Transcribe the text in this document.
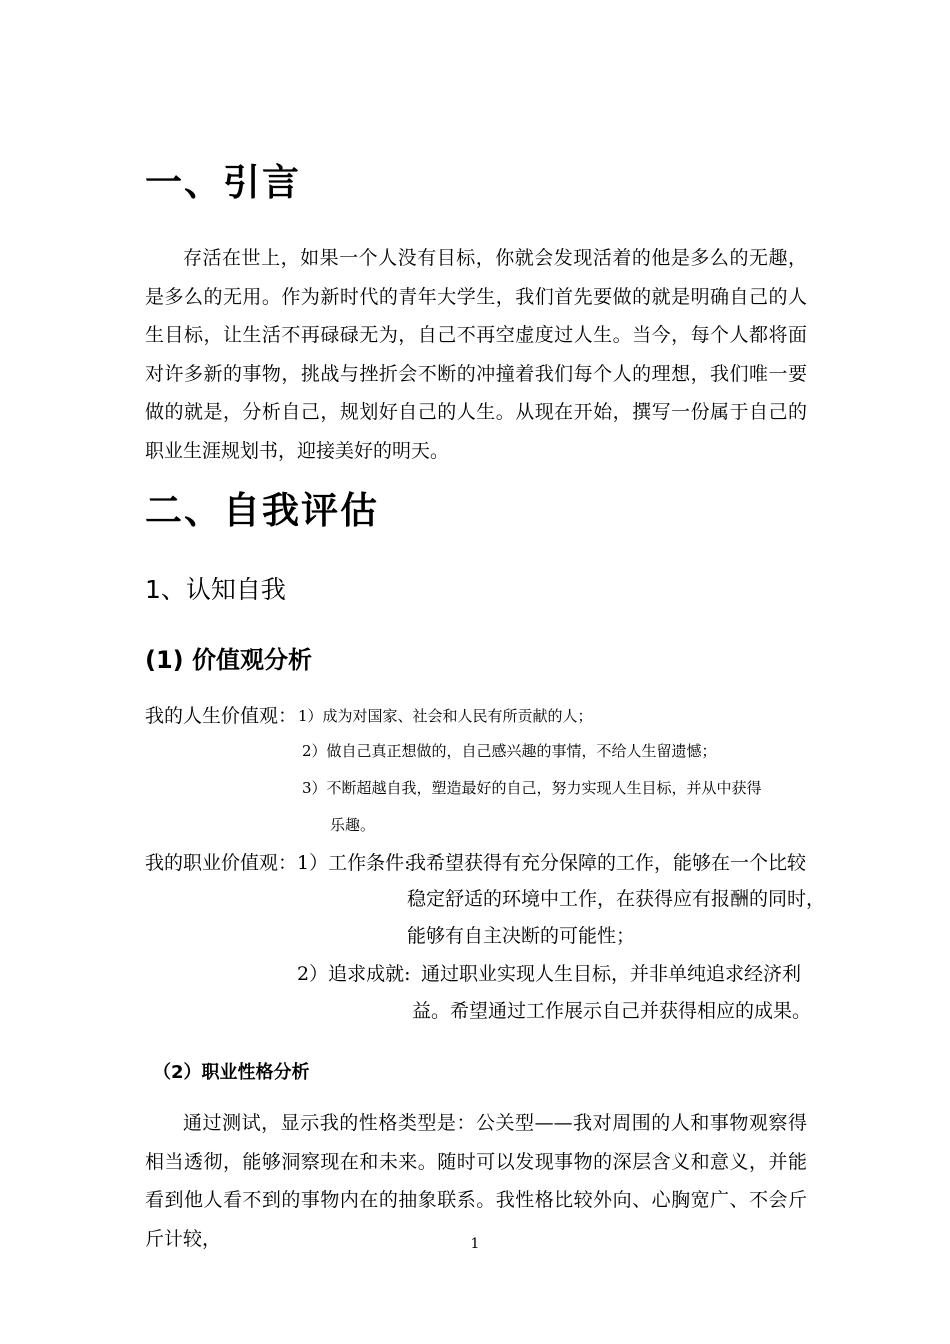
一、引言

存活在世上，如果一个人没有目标，你就会发现活着的他是多么的无趣，是多么的无用。作为新时代的青年大学生，我们首先要做的就是明确自己的人生目标，让生活不再碌碌无为，自己不再空虚度过人生。当今，每个人都将面对许多新的事物，挑战与挫折会不断的冲撞着我们每个人的理想，我们唯一要做的就是，分析自己，规划好自己的人生。从现在开始，撰写一份属于自己的职业生涯规划书，迎接美好的明天。

二、自我评估
1、认知自我
(1) 价值观分析

我的人生价值观： 1）成为对国家、社会和人民有所贡献的人；

2）做自己真正想做的，自己感兴趣的事情，不给人生留遗憾；

3）不断超越自我，塑造最好的自己，努力实现人生目标，并从中获得

乐趣。

我的职业价值观： 1）工作条件:

我希望获得有充分保障的工作，能够在一个比较

稳定舒适的环境中工作，在获得应有报酬的同时，

能够有自主决断的可能性；

2）追求成就: 通过职业实现人生目标，并非单纯追求经济利

益。希望通过工作展示自己并获得相应的成果。

（2）职业性格分析

通过测试，显示我的性格类型是：公关型——我对周围的人和事物观察得相当透彻，能够洞察现在和未来。随时可以发现事物的深层含义和意义，并能看到他人看不到的事物内在的抽象联系。我性格比较外向、心胸宽广、不会斤斤计较，	1
